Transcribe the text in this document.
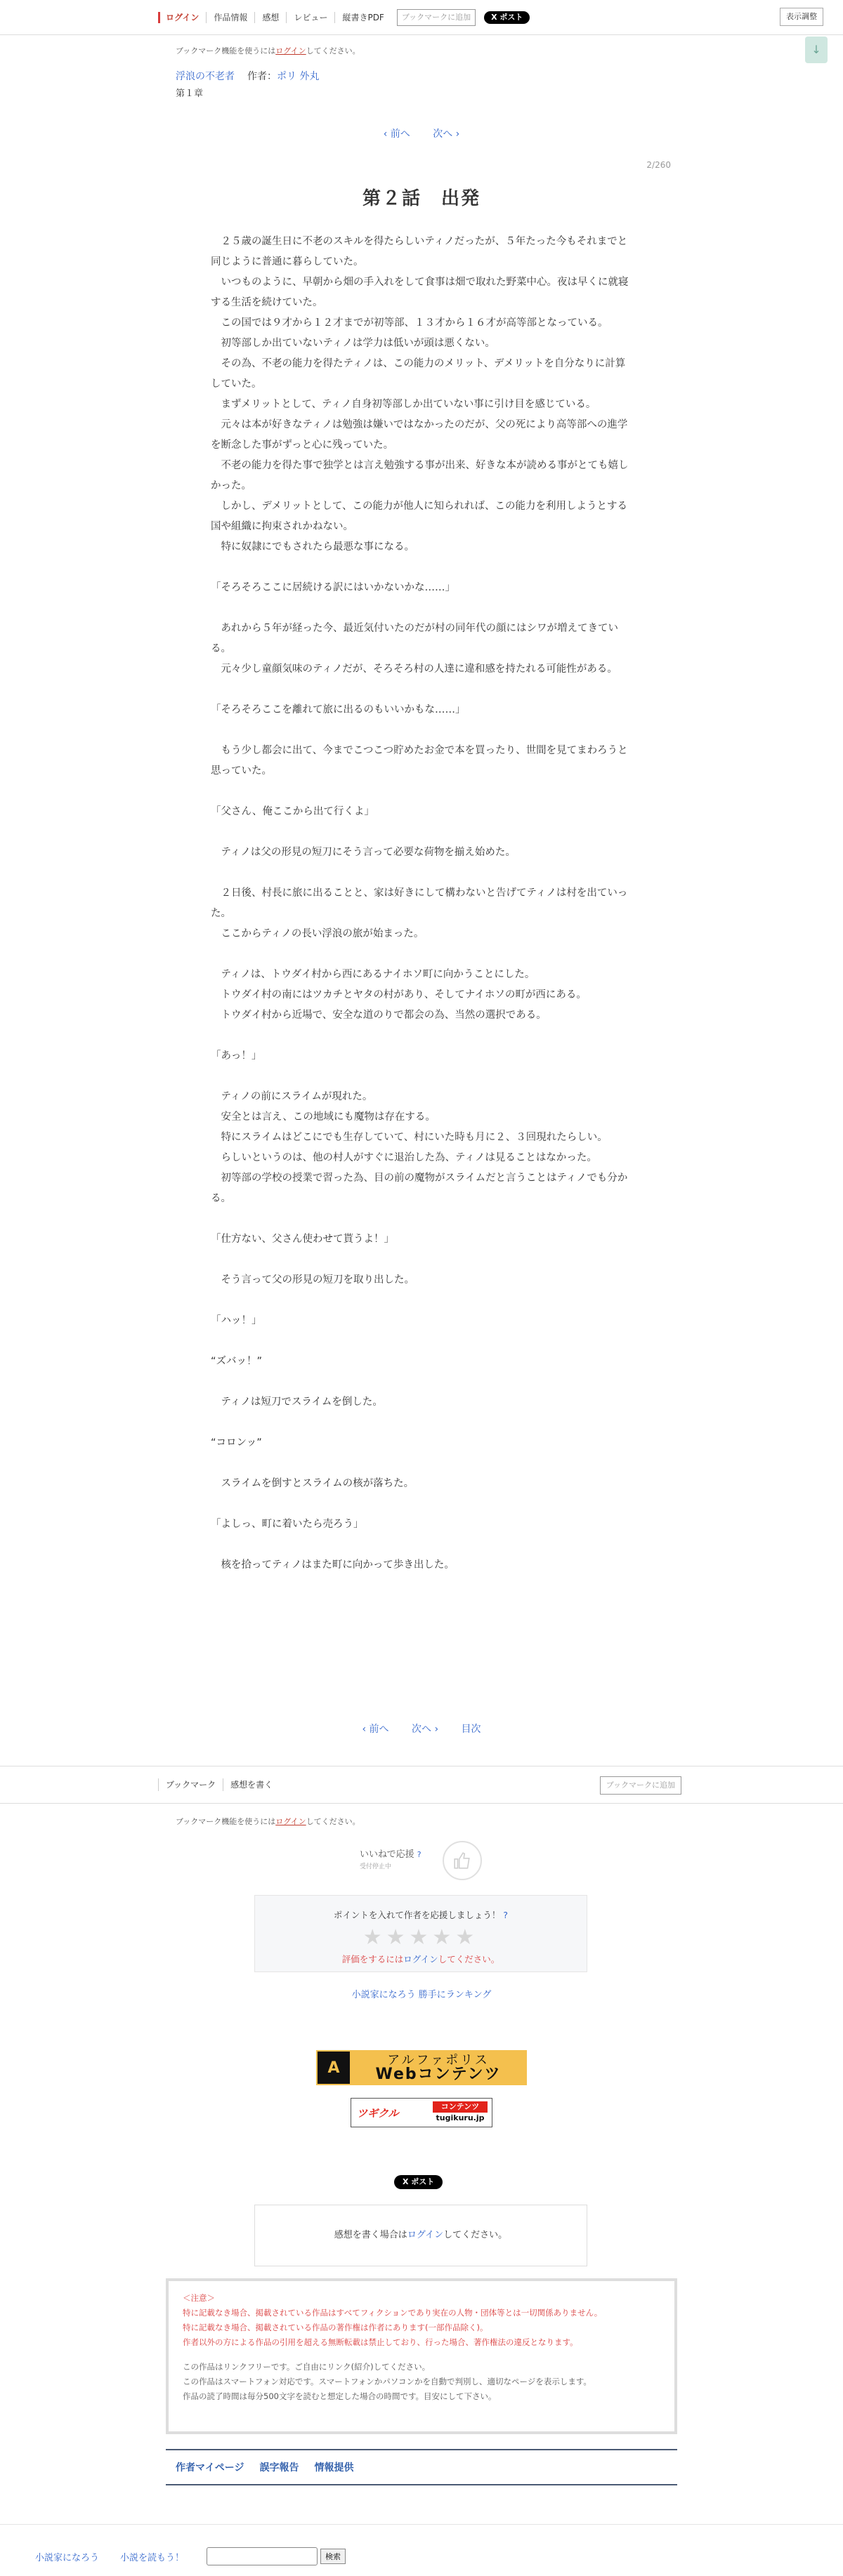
ログイン	作品情報	感想	レビュー	縦書きPDF	ブックマークに追加	X ポスト	表示調整
↓
ブックマーク機能を使うにはログインしてください。
浮浪の不老者 作者：ポリ 外丸
第１章
‹ 前へ 次へ ›
2/260
第２話　出発

　２５歳の誕生日に不老のスキルを得たらしいティノだったが、５年たった今もそれまでと同じように普通に暮らしていた。

　いつものように、早朝から畑の手入れをして食事は畑で取れた野菜中心。夜は早くに就寝する生活を続けていた。

　この国では９才から１２才までが初等部、１３才から１６才が高等部となっている。

　初等部しか出ていないティノは学力は低いが頭は悪くない。

　その為、不老の能力を得たティノは、この能力のメリット、デメリットを自分なりに計算していた。

　まずメリットとして、ティノ自身初等部しか出ていない事に引け目を感じている。

　元々は本が好きなティノは勉強は嫌いではなかったのだが、父の死により高等部への進学を断念した事がずっと心に残っていた。

　不老の能力を得た事で独学とは言え勉強する事が出来、好きな本が読める事がとても嬉しかった。

　しかし、デメリットとして、この能力が他人に知られれば、この能力を利用しようとする国や組織に拘束されかねない。

　特に奴隷にでもされたら最悪な事になる。

「そろそろここに居続ける訳にはいかないかな……」

　あれから５年が経った今、最近気付いたのだが村の同年代の顔にはシワが増えてきている。

　元々少し童顔気味のティノだが、そろそろ村の人達に違和感を持たれる可能性がある。

「そろそろここを離れて旅に出るのもいいかもな……」

　もう少し都会に出て、今までこつこつ貯めたお金で本を買ったり、世間を見てまわろうと思っていた。

「父さん、俺ここから出て行くよ」

　ティノは父の形見の短刀にそう言って必要な荷物を揃え始めた。

　２日後、村長に旅に出ることと、家は好きにして構わないと告げてティノは村を出ていった。

　ここからティノの長い浮浪の旅が始まった。

　ティノは、トウダイ村から西にあるナイホソ町に向かうことにした。

　トウダイ村の南にはツカチとヤタの村があり、そしてナイホソの町が西にある。

　トウダイ村から近場で、安全な道のりで都会の為、当然の選択である。

「あっ！」

　ティノの前にスライムが現れた。

　安全とは言え、この地域にも魔物は存在する。

　特にスライムはどこにでも生存していて、村にいた時も月に２、３回現れたらしい。

　らしいというのは、他の村人がすぐに退治した為、ティノは見ることはなかった。

　初等部の学校の授業で習った為、目の前の魔物がスライムだと言うことはティノでも分かる。

「仕方ない、父さん使わせて貰うよ！」

　そう言って父の形見の短刀を取り出した。

「ハッ！」

“ズバッ！”

　ティノは短刀でスライムを倒した。

“コロンッ”

　スライムを倒すとスライムの核が落ちた。

「よしっ、町に着いたら売ろう」

　核を拾ってティノはまた町に向かって歩き出した。

‹ 前へ 次へ › 目次
ブックマーク	感想を書く	ブックマークに追加
ブックマーク機能を使うにはログインしてください。
いいねで応援 ?
受付停止中
ポイントを入れて作者を応援しましょう！ ?
★★★★★
評価をするにはログインしてください。
小説家になろう 勝手にランキング
A	アルファポリス
Webコンテンツ
ツギクル	コンテンツ
tugikuru.jp
X ポスト
感想を書く場合はログインしてください。
＜注意＞
特に記載なき場合、掲載されている作品はすべてフィクションであり実在の人物・団体等とは一切関係ありません。
特に記載なき場合、掲載されている作品の著作権は作者にあります(一部作品除く)。
作者以外の方による作品の引用を超える無断転載は禁止しており、行った場合、著作権法の違反となります。
この作品はリンクフリーです。ご自由にリンク(紹介)してください。
この作品はスマートフォン対応です。スマートフォンかパソコンかを自動で判別し、適切なページを表示します。
作品の読了時間は毎分500文字を読むと想定した場合の時間です。目安にして下さい。
作者マイページ 誤字報告 情報提供
小説家になろう 小説を読もう！	検索
